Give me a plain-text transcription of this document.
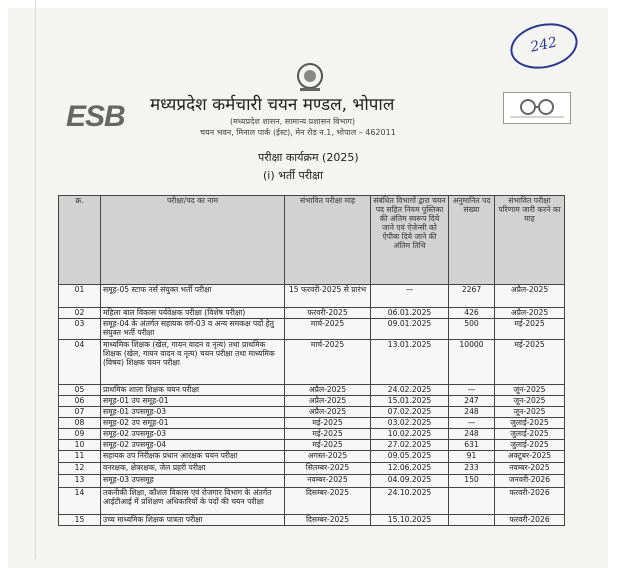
242
ESB मध्यप्रदेश कर्मचारी चयन मण्डल, भोपाल
(मध्यप्रदेश शासन, सामान्य प्रशासन विभाग)
चयन भवन, मिनाल पार्क (ईस्ट), मेन रोड न.1, भोपाल – 462011
परीक्षा कार्यक्रम (2025)
(i) भर्ती परीक्षा
क्र.	परीक्षा/पद का नाम	संभावित परीक्षा माह	संबंधित विभागों द्वारा चयन पद सहित नियम पुस्तिका की अंतिम स्वरूप दिये जाने एवं ऐजेन्सी को ऐपीबा दिये जाने की अंतिम तिथि	अनुमानित पद संख्या	संभावित परीक्षा परिणाम जारी करने का माह
01	समूह-05 स्टाफ नर्स संयुक्त भर्ती परीक्षा	15 फरवरी-2025 से प्रारंभ	—	2267	अप्रैल-2025
02	महिला बाल विकास पर्यवेक्षक परीक्षा (विशेष परीक्षा)	फरवरी-2025	06.01.2025	426	अप्रैल-2025
03	समूह-04 के अंतर्गत सहायक वर्ग-03 व अन्य समकक्ष पदों हेतु संयुक्त भर्ती परीक्षा	मार्च-2025	09.01.2025	500	मई-2025
04	माध्यमिक शिक्षक (खेल, गायन वादन व नृत्य) तथा प्राथमिक शिक्षक (खेल, गायन वादन व नृत्य) चयन परीक्षा तथा माध्यमिक (विषय) शिक्षक चयन परीक्षा	मार्च-2025	13.01.2025	10000	मई-2025
05	प्राथमिक शाला शिक्षक चयन परीक्षा	अप्रैल-2025	24.02.2025	—	जून-2025
06	समूह-01 उप समूह-01	अप्रैल-2025	15.01.2025	247	जून-2025
07	समूह-01 उपसमूह-03	अप्रैल-2025	07.02.2025	248	जून-2025
08	समूह-02 उप समूह-01	मई-2025	03.02.2025	—	जुलाई-2025
09	समूह-02 उपसमूह-03	मई-2025	10.02.2025	248	जुलाई-2025
10	समूह-02 उपसमूह-04	मई-2025	27.02.2025	631	जुलाई-2025
11	सहायक उप निरीक्षक प्रधान आरक्षक चयन परीक्षा	अगस्त-2025	09.05.2025	91	अक्टूबर-2025
12	वनरक्षक, क्षेत्ररक्षक, जेल प्रहरी परीक्षा	सितम्बर-2025	12.06.2025	233	नवम्बर-2025
13	समूह-03 उपसमूह	नवम्बर-2025	04.09.2025	150	जनवरी-2026
14	तकनीकी शिक्षा, कौशल विकास एवं रोजगार विभाग के अंतर्गत आईटीआई में प्रशिक्षण अधिकारियों के पदों की चयन परीक्षा	दिसम्बर-2025	24.10.2025		फरवरी-2026
15	उच्च माध्यमिक शिक्षक पात्रता परीक्षा	दिसम्बर-2025	15.10.2025		फरवरी-2026
